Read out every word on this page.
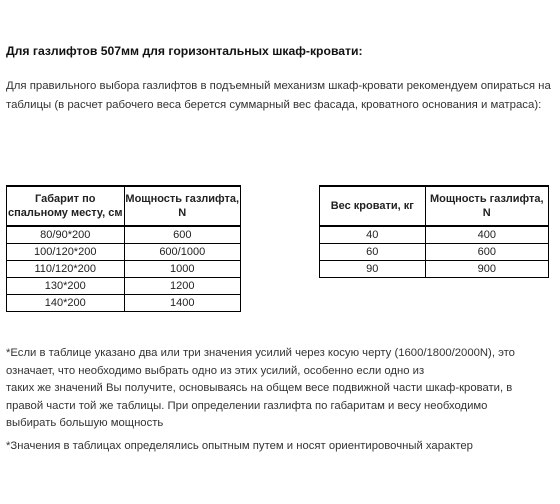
Для газлифтов 507мм для горизонтальных шкаф-кровати:
Для правильного выбора газлифтов в подъемный механизм шкаф-кровати рекомендуем опираться на таблицы (в расчет рабочего веса берется суммарный вес фасада, кроватного основания и матраса):
Габарит по спальному месту, см	Мощность газлифта, N
80/90*200	600
100/120*200	600/1000
110/120*200	1000
130*200	1200
140*200	1400
Вес кровати, кг	Мощность газлифта, N
40	400
60	600
90	900
*Если в таблице указано два или три значения усилий через косую черту (1600/1800/2000N), это
означает, что необходимо выбрать одно из этих усилий, особенно если одно из
таких же значений Вы получите, основываясь на общем весе подвижной части шкаф-кровати, в
правой части той же таблицы. При определении газлифта по габаритам и весу необходимо
выбирать большую мощность
*Значения в таблицах определялись опытным путем и носят ориентировочный характер
